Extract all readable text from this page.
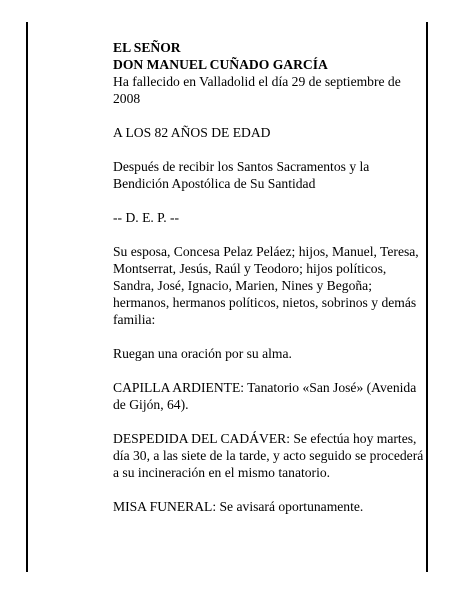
EL SEÑOR
DON MANUEL CUÑADO GARCÍA

Ha fallecido en Valladolid el día 29 de septiembre de 2008

A LOS 82 AÑOS DE EDAD

Después de recibir los Santos Sacramentos y la Bendición Apostólica de Su Santidad

-- D. E. P. --

Su esposa, Concesa Pelaz Peláez; hijos, Manuel, Teresa, Montserrat, Jesús, Raúl y Teodoro; hijos políticos, Sandra, José, Ignacio, Marien, Nines y Begoña; hermanos, hermanos políticos, nietos, sobrinos y demás familia:

Ruegan una oración por su alma.

CAPILLA ARDIENTE: Tanatorio «San José» (Avenida de Gijón, 64).

DESPEDIDA DEL CADÁVER: Se efectúa hoy martes, día 30, a las siete de la tarde, y acto seguido se procederá a su incineración en el mismo tanatorio.

MISA FUNERAL: Se avisará oportunamente.
